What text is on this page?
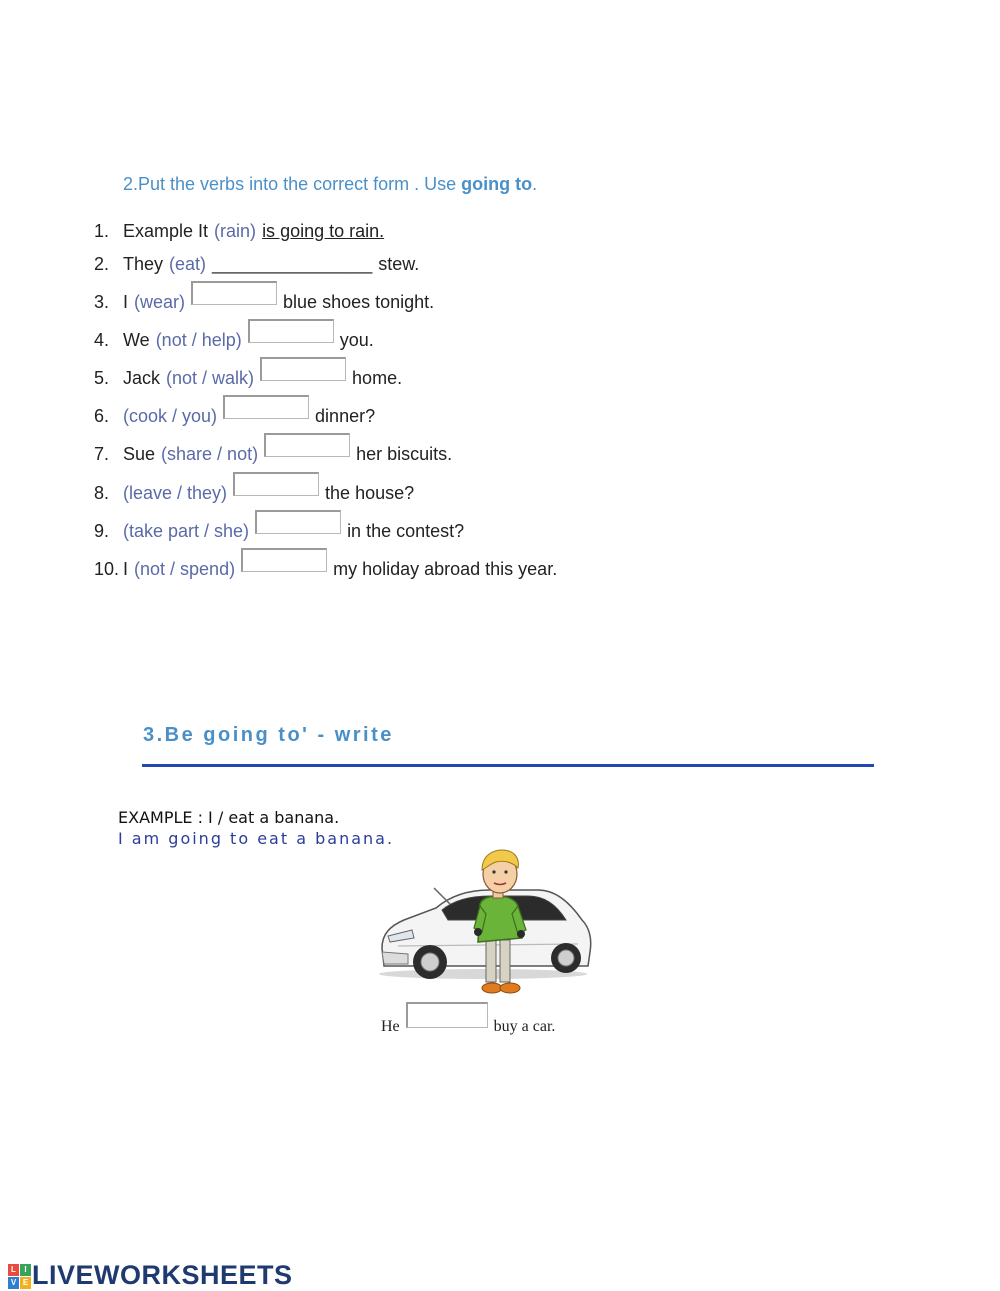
2.Put the verbs into the correct form . Use going to.
1. Example It (rain) is going to rain.
2. They (eat) ________________ stew.
3. I (wear)	blue shoes tonight.
4. We (not / help)	you.
5. Jack (not / walk)	home.
6. (cook / you)	dinner?
7. Sue (share / not)	her biscuits.
8. (leave / they)	the house?
9. (take part / she)	in the contest?
10. I (not / spend)	my holiday abroad this year.
3.Be going to' - write
EXAMPLE : I / eat a banana.
I am going to eat a banana.
He	buy a car.
L	I
V E LIVEWORKSHEETS
